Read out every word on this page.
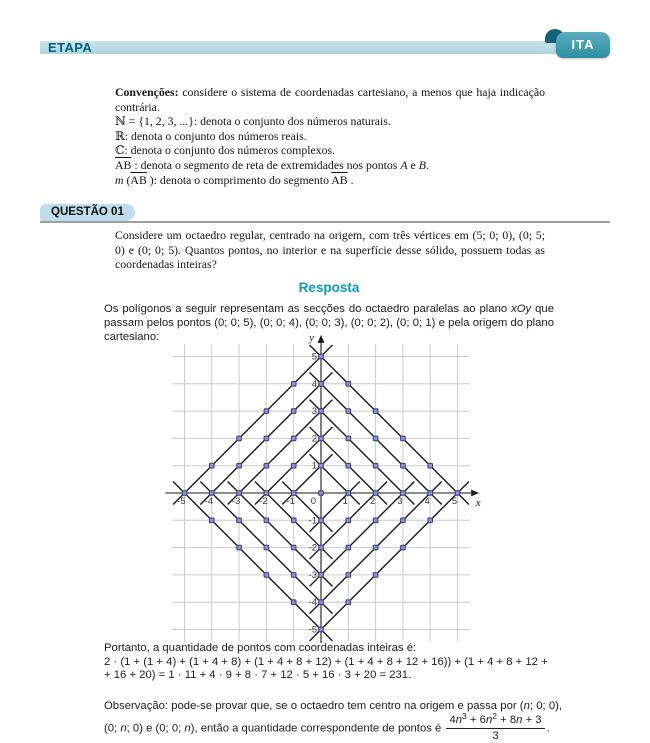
ETAPA	ITA
Convenções: considere o sistema de coordenadas cartesiano, a menos que haja indicação contrária.
ℕ = {1, 2, 3, ...}: denota o conjunto dos números naturais.
ℝ: denota o conjunto dos números reais.
ℂ: denota o conjunto dos números complexos.
$\overline{AB}$ : denota o segmento de reta de extremidades nos pontos A e B.
m ($\overline{AB}$ ): denota o comprimento do segmento $\overline{AB}$ .
QUESTÃO 01
Considere um octaedro regular, centrado na origem, com três vértices em (5; 0; 0), (0; 5; 0) e (0; 0; 5). Quantos pontos, no interior e na superfície desse sólido, possuem todas as coordenadas inteiras?
Resposta
Os polígonos a seguir representam as secções do octaedro paralelas ao plano xOy que passam pelos pontos (0; 0; 5), (0; 0; 4), (0; 0; 3), (0; 0; 2), (0; 0; 1) e pela origem do plano cartesiano:
x
y
-5 -4 -3 -2 -1	1 2 3 4 5
-5
-4
-3
-2
-1
1
2
3
4
5
0
Portanto, a quantidade de pontos com coordenadas inteiras é:
2 · (1 + (1 + 4) + (1 + 4 + 8) + (1 + 4 + 8 + 12) + (1 + 4 + 8 + 12 + 16)) + (1 + 4 + 8 + 12 +
+ 16 + 20) = 1 · 11 + 4 · 9 + 8 · 7 + 12 · 5 + 16 · 3 + 20 = 231.

Observação: pode-se provar que, se o octaedro tem centro na origem e passa por (n; 0; 0), (0; n; 0) e (0; 0; n), então a quantidade correspondente de pontos é $\frac{4n^3 + 6n^2 + 8n + 3}{3}$ .
